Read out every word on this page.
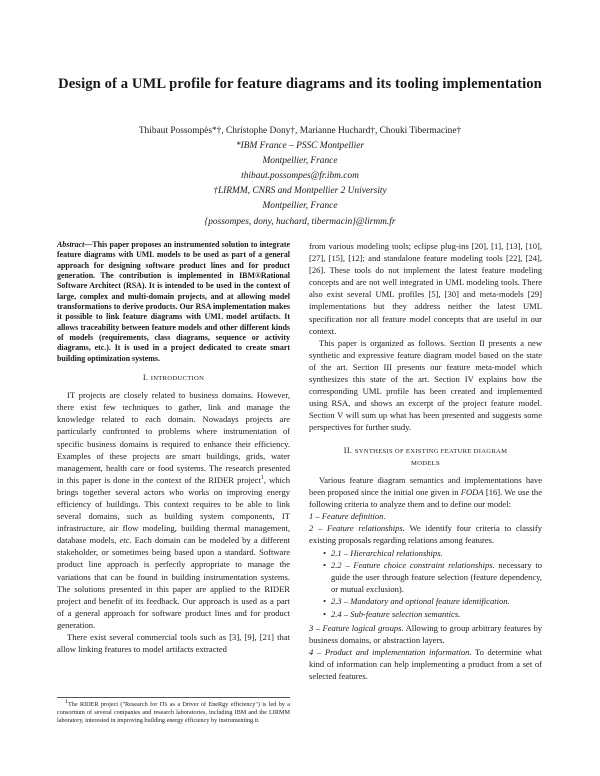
Design of a UML profile for feature diagrams and its tooling implementation
Thibaut Possompès*†, Christophe Dony†, Marianne Huchard†, Chouki Tibermacine†
*IBM France – PSSC Montpellier
Montpellier, France
thibaut.possompes@fr.ibm.com
†LIRMM, CNRS and Montpellier 2 University
Montpellier, France
{possompes, dony, huchard, tibermacin}@lirmm.fr
Abstract—This paper proposes an instrumented solution to integrate feature diagrams with UML models to be used as part of a general approach for designing software product lines and for product generation. The contribution is implemented in IBM®Rational Software Architect (RSA). It is intended to be used in the context of large, complex and multi-domain projects, and at allowing model transformations to derive products. Our RSA implementation makes it possible to link feature diagrams with UML model artifacts. It allows traceability between feature models and other different kinds of models (requirements, class diagrams, sequence or activity diagrams, etc.). It is used in a project dedicated to create smart building optimization systems.
I. INTRODUCTION

IT projects are closely related to business domains. However, there exist few techniques to gather, link and manage the knowledge related to each domain. Nowadays projects are particularly confronted to problems where instrumentation of specific business domains is required to enhance their efficiency. Examples of these projects are smart buildings, grids, water management, health care or food systems. The research presented in this paper is done in the context of the RIDER project$^1$, which brings together several actors who works on improving energy efficiency of buildings. This context requires to be able to link several domains, such as building system components, IT infrastructure, air flow modeling, building thermal management, database models, etc. Each domain can be modeled by a different stakeholder, or sometimes being based upon a standard. Software product line approach is perfectly appropriate to manage the variations that can be found in building instrumentation systems. The solutions presented in this paper are applied to the RIDER project and benefit of its feedback. Our approach is used as a part of a general approach for software product lines and for product generation.

There exist several commercial tools such as [3], [9], [21] that allow linking features to model artifacts extracted

from various modeling tools; eclipse plug-ins [20], [1], [13], [10], [27], [15], [12]; and standalone feature modeling tools [22], [24], [26]. These tools do not implement the latest feature modeling concepts and are not well integrated in UML modeling tools. There also exist several UML profiles [5], [30] and meta-models [29] implementations but they address neither the latest UML specification nor all feature model concepts that are useful in our context.

This paper is organized as follows. Section II presents a new synthetic and expressive feature diagram model based on the state of the art. Section III presents our feature meta-model which synthesizes this state of the art. Section IV explains how the corresponding UML profile has been created and implemented using RSA, and shows an excerpt of the project feature model. Section V will sum up what has been presented and suggests some perspectives for further study.

II. SYNTHESIS OF EXISTING FEATURE DIAGRAM
MODELS

Various feature diagram semantics and implementations have been proposed since the initial one given in FODA [16]. We use the following criteria to analyze them and to define our model:

1 – Feature definition.

2 – Feature relationships. We identify four criteria to classify existing proposals regarding relations among features.

• 2.1 – Hierarchical relationships.
• 2.2 – Feature choice constraint relationships. necessary to guide the user through feature selection (feature dependency, or mutual exclusion).
• 2.3 – Mandatory and optional feature identification.
• 2.4 – Sub-feature selection semantics.

3 – Feature logical groups. Allowing to group arbitrary features by business domains, or abstraction layers.

4 – Product and implementation information. To determine what kind of information can help implementing a product from a set of selected features.

$^1$The RIDER project ("Research for ITs as a Driver of EneRgy efficiency") is led by a consortium of several companies and research laboratories, including IBM and the LIRMM laboratory, interested in improving building energy efficiency by instrumenting it.
